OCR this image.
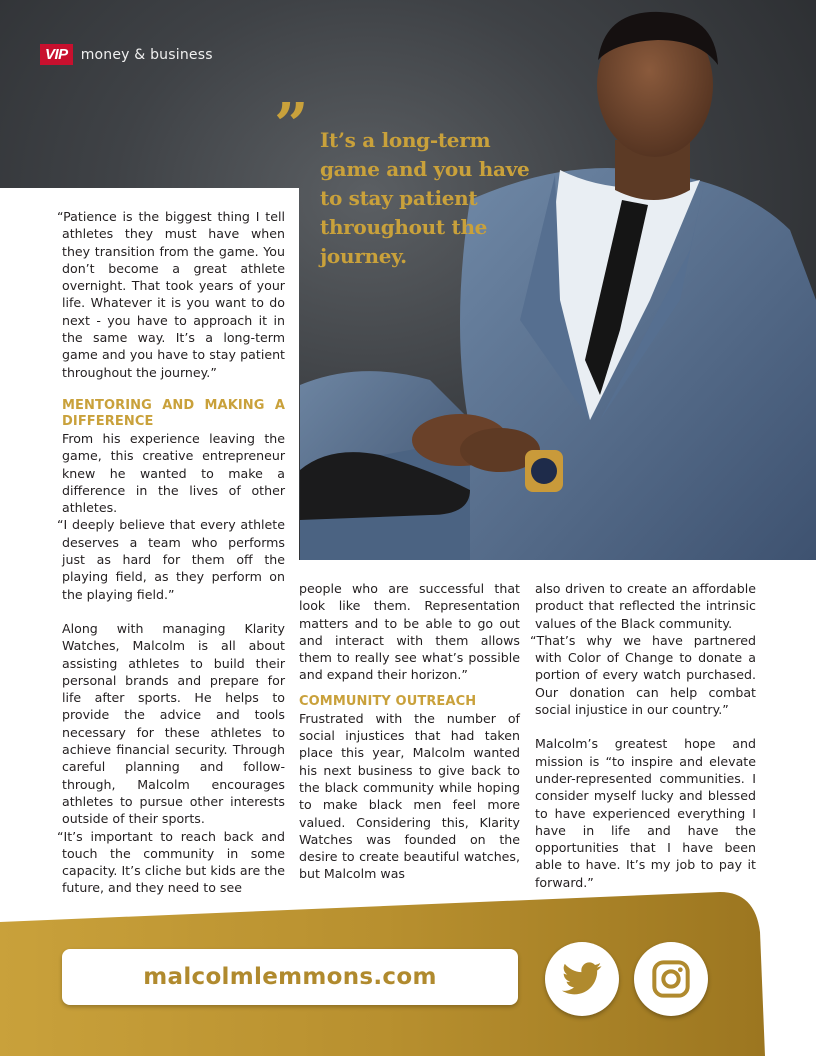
VIP money & business
” It’s a long-term game and you have to stay patient throughout the journey.

“Patience is the biggest thing I tell athletes they must have when they transition from the game. You don’t become a great athlete overnight. That took years of your life. Whatever it is you want to do next - you have to approach it in the same way. It’s a long-term game and you have to stay patient throughout the journey.”

MENTORING AND MAKING A DIFFERENCE

From his experience leaving the game, this creative entrepreneur knew he wanted to make a difference in the lives of other athletes.

“I deeply believe that every athlete deserves a team who performs just as hard for them off the playing field, as they perform on the playing field.”

Along with managing Klarity Watches, Malcolm is all about assisting athletes to build their personal brands and prepare for life after sports. He helps to provide the advice and tools necessary for these athletes to achieve financial security. Through careful planning and follow-through, Malcolm encourages athletes to pursue other interests outside of their sports.

“It’s important to reach back and touch the community in some capacity. It’s cliche but kids are the future, and they need to see

people who are successful that look like them. Representation matters and to be able to go out and interact with them allows them to really see what’s possible and expand their horizon.”

COMMUNITY OUTREACH

Frustrated with the number of social injustices that had taken place this year, Malcolm wanted his next business to give back to the black community while hoping to make black men feel more valued. Considering this, Klarity Watches was founded on the desire to create beautiful watches, but Malcolm was

also driven to create an affordable product that reflected the intrinsic values of the Black community.

“That’s why we have partnered with Color of Change to donate a portion of every watch purchased. Our donation can help combat social injustice in our country.”

Malcolm’s greatest hope and mission is “to inspire and elevate under-represented communities. I consider myself lucky and blessed to have experienced everything I have in life and have the opportunities that I have been able to have. It’s my job to pay it forward.”

malcolmlemmons.com
